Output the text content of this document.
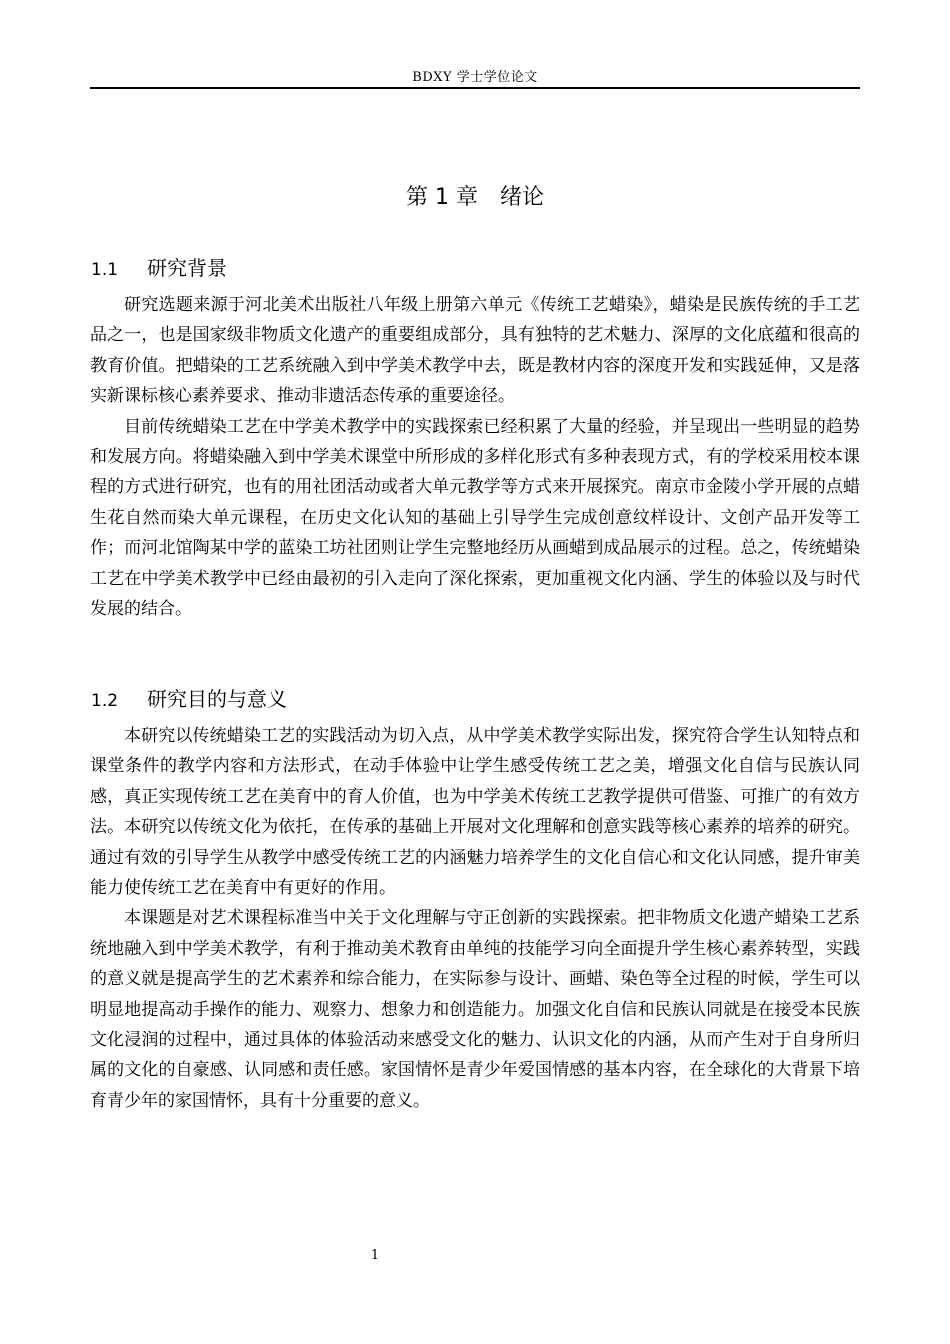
BDXY 学士学位论文
第 1 章　绪论
1.1 研究背景

研究选题来源于河北美术出版社八年级上册第六单元《传统工艺蜡染》，蜡染是民族传统的手工艺品之一，也是国家级非物质文化遗产的重要组成部分，具有独特的艺术魅力、深厚的文化底蕴和很高的教育价值。把蜡染的工艺系统融入到中学美术教学中去，既是教材内容的深度开发和实践延伸，又是落实新课标核心素养要求、推动非遗活态传承的重要途径。

目前传统蜡染工艺在中学美术教学中的实践探索已经积累了大量的经验，并呈现出一些明显的趋势和发展方向。将蜡染融入到中学美术课堂中所形成的多样化形式有多种表现方式，有的学校采用校本课程的方式进行研究，也有的用社团活动或者大单元教学等方式来开展探究。南京市金陵小学开展的点蜡生花自然而染大单元课程，在历史文化认知的基础上引导学生完成创意纹样设计、文创产品开发等工作；而河北馆陶某中学的蓝染工坊社团则让学生完整地经历从画蜡到成品展示的过程。总之，传统蜡染工艺在中学美术教学中已经由最初的引入走向了深化探索，更加重视文化内涵、学生的体验以及与时代发展的结合。

1.2 研究目的与意义

本研究以传统蜡染工艺的实践活动为切入点，从中学美术教学实际出发，探究符合学生认知特点和课堂条件的教学内容和方法形式，在动手体验中让学生感受传统工艺之美，增强文化自信与民族认同感，真正实现传统工艺在美育中的育人价值，也为中学美术传统工艺教学提供可借鉴、可推广的有效方法。本研究以传统文化为依托，在传承的基础上开展对文化理解和创意实践等核心素养的培养的研究。通过有效的引导学生从教学中感受传统工艺的内涵魅力培养学生的文化自信心和文化认同感，提升审美能力使传统工艺在美育中有更好的作用。

本课题是对艺术课程标准当中关于文化理解与守正创新的实践探索。把非物质文化遗产蜡染工艺系统地融入到中学美术教学，有利于推动美术教育由单纯的技能学习向全面提升学生核心素养转型，实践的意义就是提高学生的艺术素养和综合能力，在实际参与设计、画蜡、染色等全过程的时候，学生可以明显地提高动手操作的能力、观察力、想象力和创造能力。加强文化自信和民族认同就是在接受本民族文化浸润的过程中，通过具体的体验活动来感受文化的魅力、认识文化的内涵，从而产生对于自身所归属的文化的自豪感、认同感和责任感。家国情怀是青少年爱国情感的基本内容，在全球化的大背景下培育青少年的家国情怀，具有十分重要的意义。

1
